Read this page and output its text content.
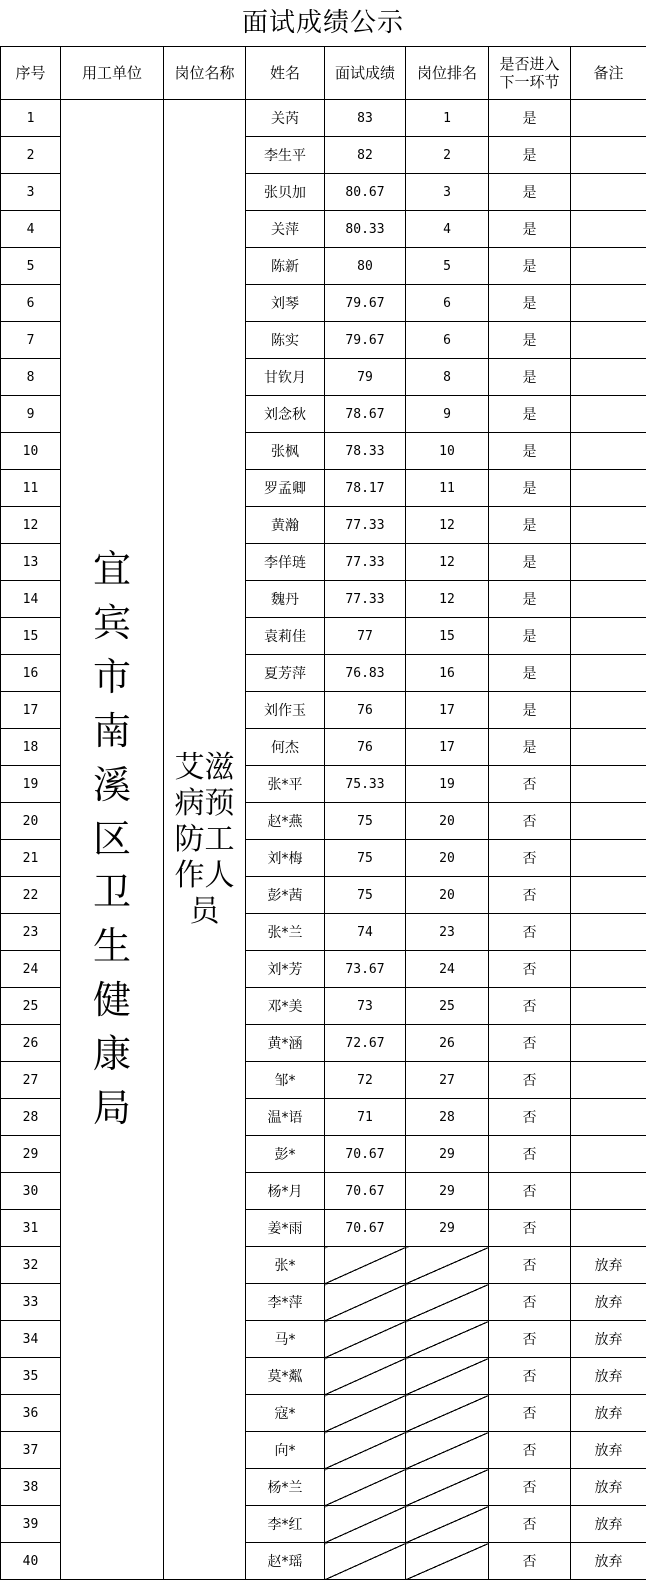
面试成绩公示
序号	用工单位	岗位名称	姓名	面试成绩	岗位排名	是否进入下一环节	备注
1	宜宾市南溪区卫生健康局	艾滋病预防工作人员	关芮	83	1	是	
2			李生平	82	2	是	
3			张贝加	80.67	3	是	
4			关萍	80.33	4	是	
5			陈新	80	5	是	
6			刘琴	79.67	6	是	
7			陈实	79.67	6	是	
8			甘钦月	79	8	是	
9			刘念秋	78.67	9	是	
10			张枫	78.33	10	是	
11			罗孟卿	78.17	11	是	
12			黄瀚	77.33	12	是	
13			李佯琏	77.33	12	是	
14			魏丹	77.33	12	是	
15			袁莉佳	77	15	是	
16			夏芳萍	76.83	16	是	
17			刘作玉	76	17	是	
18			何杰	76	17	是	
19			张*平	75.33	19	否	
20			赵*燕	75	20	否	
21			刘*梅	75	20	否	
22			彭*茜	75	20	否	
23			张*兰	74	23	否	
24			刘*芳	73.67	24	否	
25			邓*美	73	25	否	
26			黄*涵	72.67	26	否	
27			邹*	72	27	否	
28			温*语	71	28	否	
29			彭*	70.67	29	否	
30			杨*月	70.67	29	否	
31			姜*雨	70.67	29	否	
32			张*			否	放弃
33			李*萍			否	放弃
34			马*			否	放弃
35			莫*粼			否	放弃
36			寇*			否	放弃
37			向*			否	放弃
38			杨*兰			否	放弃
39			李*红			否	放弃
40			赵*瑶			否	放弃
